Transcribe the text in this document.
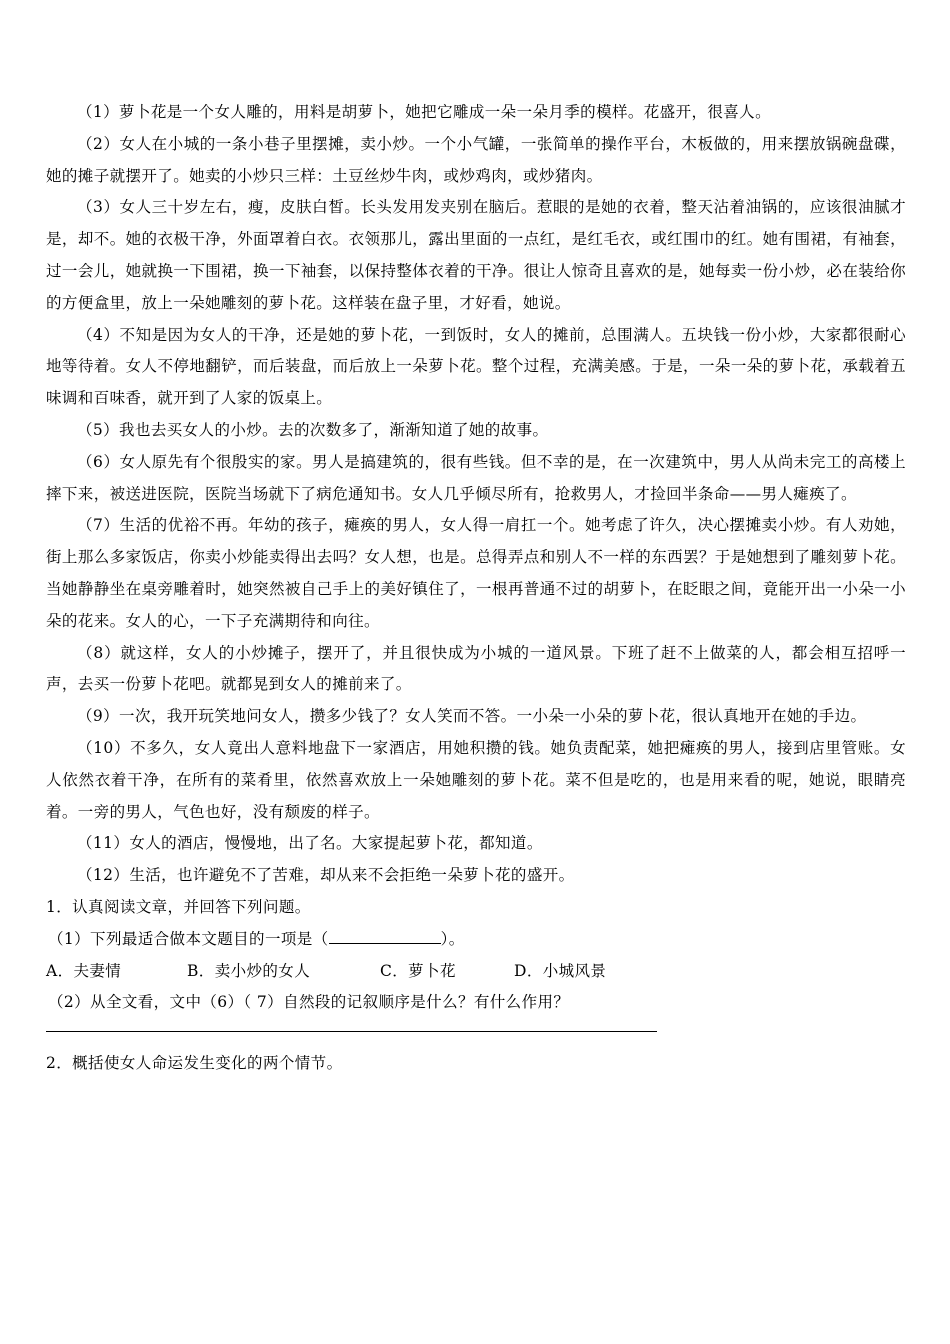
（1）萝卜花是一个女人雕的，用料是胡萝卜，她把它雕成一朵一朵月季的模样。花盛开，很喜人。

（2）女人在小城的一条小巷子里摆摊，卖小炒。一个小气罐，一张简单的操作平台，木板做的，用来摆放锅碗盘碟，她的摊子就摆开了。她卖的小炒只三样：土豆丝炒牛肉，或炒鸡肉，或炒猪肉。

（3）女人三十岁左右，瘦，皮肤白皙。长头发用发夹别在脑后。惹眼的是她的衣着，整天沾着油锅的，应该很油腻才是，却不。她的衣极干净，外面罩着白衣。衣领那儿，露出里面的一点红，是红毛衣，或红围巾的红。她有围裙，有袖套，过一会儿，她就换一下围裙，换一下袖套，以保持整体衣着的干净。很让人惊奇且喜欢的是，她每卖一份小炒，必在装给你的方便盒里，放上一朵她雕刻的萝卜花。这样装在盘子里，才好看，她说。

（4）不知是因为女人的干净，还是她的萝卜花，一到饭时，女人的摊前，总围满人。五块钱一份小炒，大家都很耐心地等待着。女人不停地翻铲，而后装盘，而后放上一朵萝卜花。整个过程，充满美感。于是，一朵一朵的萝卜花，承载着五味调和百味香，就开到了人家的饭桌上。

（5）我也去买女人的小炒。去的次数多了，渐渐知道了她的故事。

（6）女人原先有个很殷实的家。男人是搞建筑的，很有些钱。但不幸的是，在一次建筑中，男人从尚未完工的高楼上摔下来，被送进医院，医院当场就下了病危通知书。女人几乎倾尽所有，抢救男人，才捡回半条命——男人瘫痪了。

（7）生活的优裕不再。年幼的孩子，瘫痪的男人，女人得一肩扛一个。她考虑了许久，决心摆摊卖小炒。有人劝她，街上那么多家饭店，你卖小炒能卖得出去吗？女人想，也是。总得弄点和别人不一样的东西罢？于是她想到了雕刻萝卜花。当她静静坐在桌旁雕着时，她突然被自己手上的美好镇住了，一根再普通不过的胡萝卜，在眨眼之间，竟能开出一小朵一小朵的花来。女人的心，一下子充满期待和向往。

（8）就这样，女人的小炒摊子，摆开了，并且很快成为小城的一道风景。下班了赶不上做菜的人，都会相互招呼一声，去买一份萝卜花吧。就都晃到女人的摊前来了。

（9）一次，我开玩笑地问女人，攒多少钱了？女人笑而不答。一小朵一小朵的萝卜花，很认真地开在她的手边。

（10）不多久，女人竟出人意料地盘下一家酒店，用她积攒的钱。她负责配菜，她把瘫痪的男人，接到店里管账。女人依然衣着干净，在所有的菜肴里，依然喜欢放上一朵她雕刻的萝卜花。菜不但是吃的，也是用来看的呢，她说，眼睛亮着。一旁的男人，气色也好，没有颓废的样子。

（11）女人的酒店，慢慢地，出了名。大家提起萝卜花，都知道。

（12）生活，也许避免不了苦难，却从来不会拒绝一朵萝卜花的盛开。

1．认真阅读文章，并回答下列问题。

（1）下列最适合做本文题目的一项是（	）。

A．夫妻情	B．卖小炒的女人	C．萝卜花	D．小城风景

（2）从全文看，文中（6）（ 7）自然段的记叙顺序是什么？有什么作用？

2．概括使女人命运发生变化的两个情节。
